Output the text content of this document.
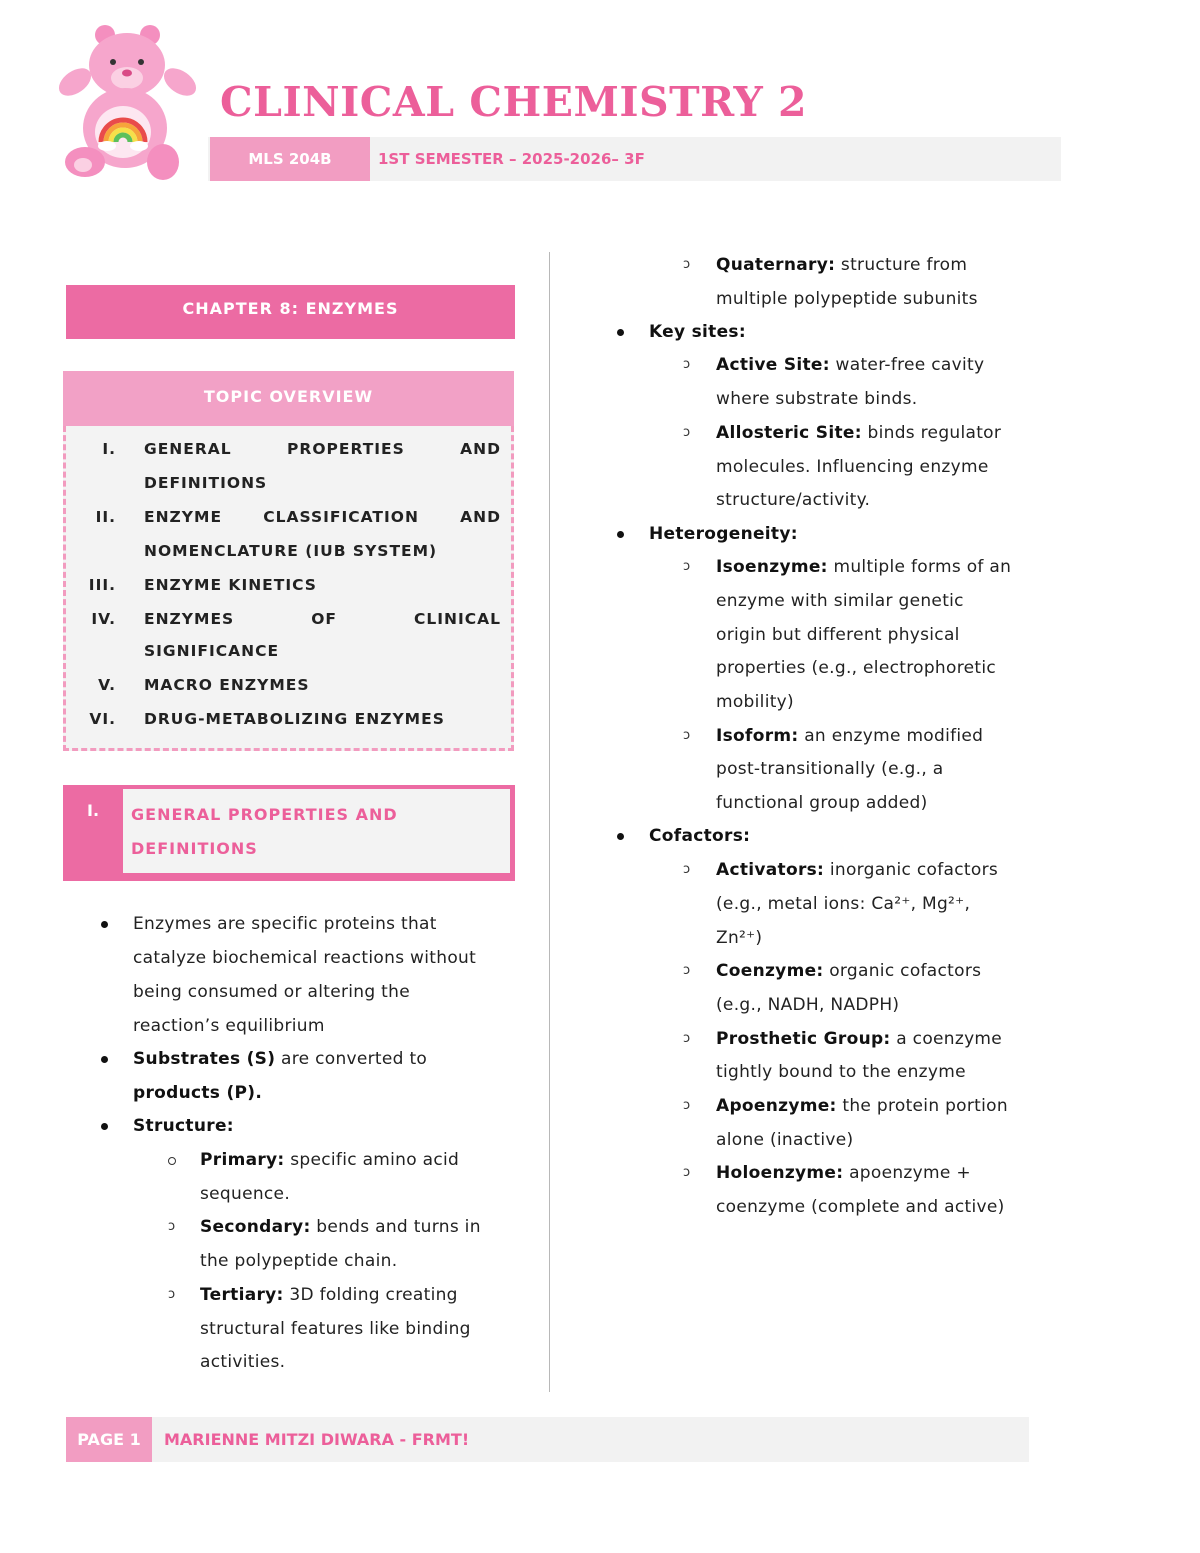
CLINICAL CHEMISTRY 2
MLS 204B	1ST SEMESTER – 2025-2026– 3F
CHAPTER 8: ENZYMES
TOPIC OVERVIEW
I. GENERAL PROPERTIES AND
DEFINITIONS
II. ENZYME CLASSIFICATION AND
NOMENCLATURE (IUB SYSTEM)
III. ENZYME KINETICS
IV. ENZYMES OF CLINICAL
SIGNIFICANCE
V. MACRO ENZYMES
VI. DRUG-METABOLIZING ENZYMES
I.	GENERAL PROPERTIES AND
DEFINITIONS
Enzymes are specific proteins that
catalyze biochemical reactions without
being consumed or altering the
reaction’s equilibrium
Substrates (S) are converted to
products (P).
Structure:
Primary: specific amino acid
sequence.
ↄ Secondary: bends and turns in
the polypeptide chain.
ↄ Tertiary: 3D folding creating
structural features like binding
activities.
ↄ Quaternary: structure from
multiple polypeptide subunits
Key sites:
ↄ Active Site: water-free cavity
where substrate binds.
ↄ Allosteric Site: binds regulator
molecules. Influencing enzyme
structure/activity.
Heterogeneity:
ↄ Isoenzyme: multiple forms of an
enzyme with similar genetic
origin but different physical
properties (e.g., electrophoretic
mobility)
ↄ Isoform: an enzyme modified
post-transitionally (e.g., a
functional group added)
Cofactors:
ↄ Activators: inorganic cofactors
(e.g., metal ions: Ca²⁺, Mg²⁺,
Zn²⁺)
ↄ Coenzyme: organic cofactors
(e.g., NADH, NADPH)
ↄ Prosthetic Group: a coenzyme
tightly bound to the enzyme
ↄ Apoenzyme: the protein portion
alone (inactive)
ↄ Holoenzyme: apoenzyme +
coenzyme (complete and active)
PAGE 1	MARIENNE MITZI DIWARA - FRMT!
